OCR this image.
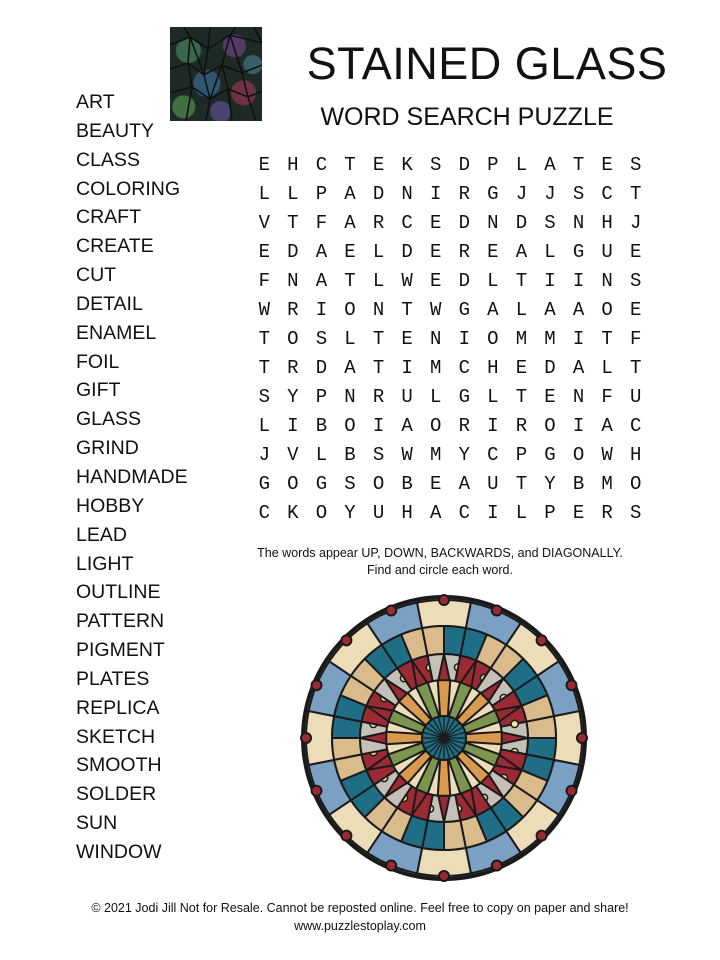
STAINED GLASS
WORD SEARCH PUZZLE
ART
BEAUTY
CLASS
COLORING
CRAFT
CREATE
CUT
DETAIL
ENAMEL
FOIL
GIFT
GLASS
GRIND
HANDMADE
HOBBY
LEAD
LIGHT
OUTLINE
PATTERN
PIGMENT
PLATES
REPLICA
SKETCH
SMOOTH
SOLDER
SUN
WINDOW
E H C T E K S D P L A T E S
L L P A D N I R G J J S C T
V T F A R C E D N D S N H J
E D A E L D E R E A L G U E
F N A T L W E D L T I I N S
W R I O N T W G A L A A O E
T O S L T E N I O M M I T F
T R D A T I M C H E D A L T
S Y P N R U L G L T E N F U
L I B O I A O R I R O I A C
J V L B S W M Y C P G O W H
G O G S O B E A U T Y B M O
C K O Y U H A C I L P E R S

The words appear UP, DOWN, BACKWARDS, and DIAGONALLY.
Find and circle each word.

© 2021 Jodi Jill Not for Resale. Cannot be reposted online. Feel free to copy on paper and share!
www.puzzlestoplay.com
